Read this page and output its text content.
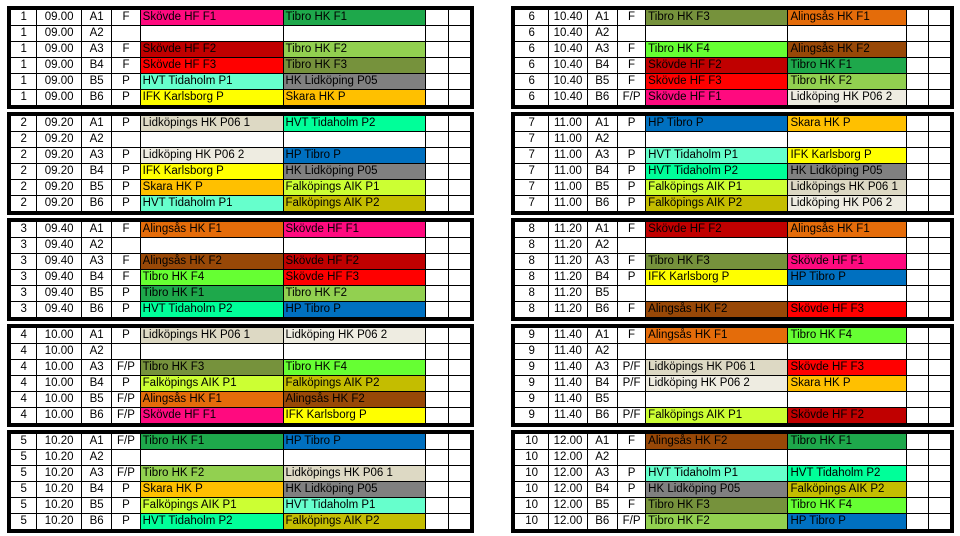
1	09.00	A1	F	Skövde HF F1	Tibro HK F1		
1	09.00	A2					
1	09.00	A3	F	Skövde HF F2	Tibro HK F2		
1	09.00	B4	F	Skövde HF F3	Tibro HK F3		
1	09.00	B5	P	HVT Tidaholm P1	HK Lidköping P05		
1	09.00	B6	P	IFK Karlsborg P	Skara HK P		
2	09.20	A1	P	Lidköpings HK P06 1	HVT Tidaholm P2		
2	09.20	A2					
2	09.20	A3	P	Lidköping HK P06 2	HP Tibro P		
2	09.20	B4	P	IFK Karlsborg P	HK Lidköping P05		
2	09.20	B5	P	Skara HK P	Falköpings AIK P1		
2	09.20	B6	P	HVT Tidaholm P1	Falköpings AIK P2		
3	09.40	A1	F	Alingsås HK F1	Skövde HF F1		
3	09.40	A2					
3	09.40	A3	F	Alingsås HK F2	Skövde HF F2		
3	09.40	B4	F	Tibro HK F4	Skövde HF F3		
3	09.40	B5	P	Tibro HK F1	Tibro HK F2		
3	09.40	B6	P	HVT Tidaholm P2	HP Tibro P		
4	10.00	A1	P	Lidköpings HK P06 1	Lidköping HK P06 2		
4	10.00	A2					
4	10.00	A3	F/P	Tibro HK F3	Tibro HK F4		
4	10.00	B4	P	Falköpings AIK P1	Falköpings AIK P2		
4	10.00	B5	F/P	Alingsås HK F1	Alingsås HK F2		
4	10.00	B6	F/P	Skövde HF F1	IFK Karlsborg P		
5	10.20	A1	F/P	Tibro HK F1	HP Tibro P		
5	10.20	A2					
5	10.20	A3	F/P	Tibro HK F2	Lidköpings HK P06 1		
5	10.20	B4	P	Skara HK P	HK Lidköping P05		
5	10.20	B5	P	Falköpings AIK P1	HVT Tidaholm P1		
5	10.20	B6	P	HVT Tidaholm P2	Falköpings AIK P2		
6	10.40	A1	F	Tibro HK F3	Alingsås HK F1		
6	10.40	A2					
6	10.40	A3	F	Tibro HK F4	Alingsås HK F2		
6	10.40	B4	F	Skövde HF F2	Tibro HK F1		
6	10.40	B5	F	Skövde HF F3	Tibro HK F2		
6	10.40	B6	F/P	Skövde HF F1	Lidköping HK P06 2		
7	11.00	A1	P	HP Tibro P	Skara HK P		
7	11.00	A2					
7	11.00	A3	P	HVT Tidaholm P1	IFK Karlsborg P		
7	11.00	B4	P	HVT Tidaholm P2	HK Lidköping P05		
7	11.00	B5	P	Falköpings AIK P1	Lidköpings HK P06 1		
7	11.00	B6	P	Falköpings AIK P2	Lidköping HK P06 2		
8	11.20	A1	F	Skövde HF F2	Alingsås HK F1		
8	11.20	A2					
8	11.20	A3	F	Tibro HK F3	Skövde HF F1		
8	11.20	B4	P	IFK Karlsborg P	HP Tibro P		
8	11.20	B5					
8	11.20	B6	F	Alingsås HK F2	Skövde HF F3		
9	11.40	A1	F	Alingsås HK F1	Tibro HK F4		
9	11.40	A2					
9	11.40	A3	P/F	Lidköpings HK P06 1	Skövde HF F3		
9	11.40	B4	P/F	Lidköping HK P06 2	Skara HK P		
9	11.40	B5					
9	11.40	B6	P/F	Falköpings AIK P1	Skövde HF F2		
10	12.00	A1	F	Alingsås HK F2	Tibro HK F1		
10	12.00	A2					
10	12.00	A3	P	HVT Tidaholm P1	HVT Tidaholm P2		
10	12.00	B4	P	HK Lidköping P05	Falköpings AIK P2		
10	12.00	B5	F	Tibro HK F3	Tibro HK F4		
10	12.00	B6	F/P	Tibro HK F2	HP Tibro P		
